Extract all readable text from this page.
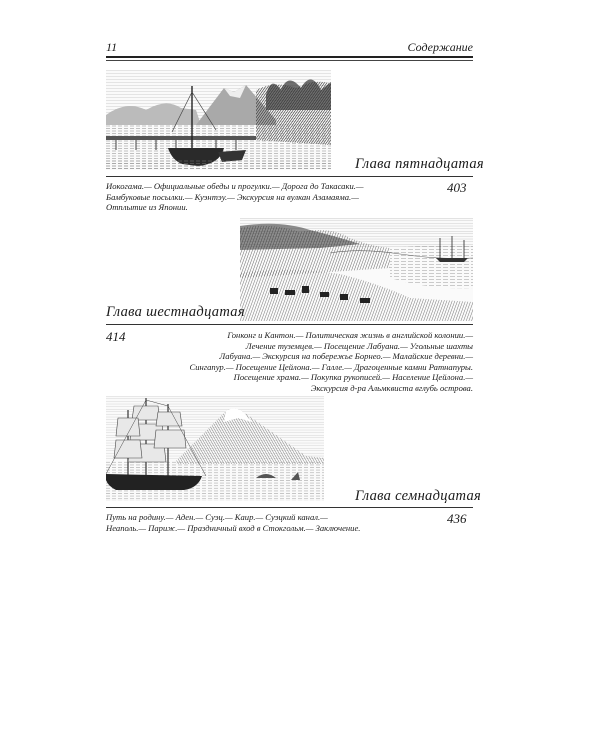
11	Содержание
Глава пятнадцатая
403
Иокогама.— Официальные обеды и прогулки.— Дорога до Такасаки.—
Бамбуковые посылки.— Куэнтэу.— Экскурсия на вулкан Азамаяма.—
Отплытие из Японии.
Глава шестнадцатая
414	Гонконг и Кантон.— Политическая жизнь в английской колонии.—
Лечение туземцев.— Посещение Лабуана.— Угольные шахты
Лабуана.— Экскурсия на побережье Борнео.— Малайские деревни.—
Сингапур.— Посещение Цейлона.— Галле.— Драгоценные камни Ратнапуры.
Посещение храма.— Покупка рукописей.— Население Цейлона.—
Экскурсия д-ра Альмквиста вглубь острова.
Глава семнадцатая
436
Путь на родину.— Аден.— Суэц.— Каир.— Суэцкий канал.—
Неаполь.— Париж.— Праздничный вход в Стокгольм.— Заключение.
